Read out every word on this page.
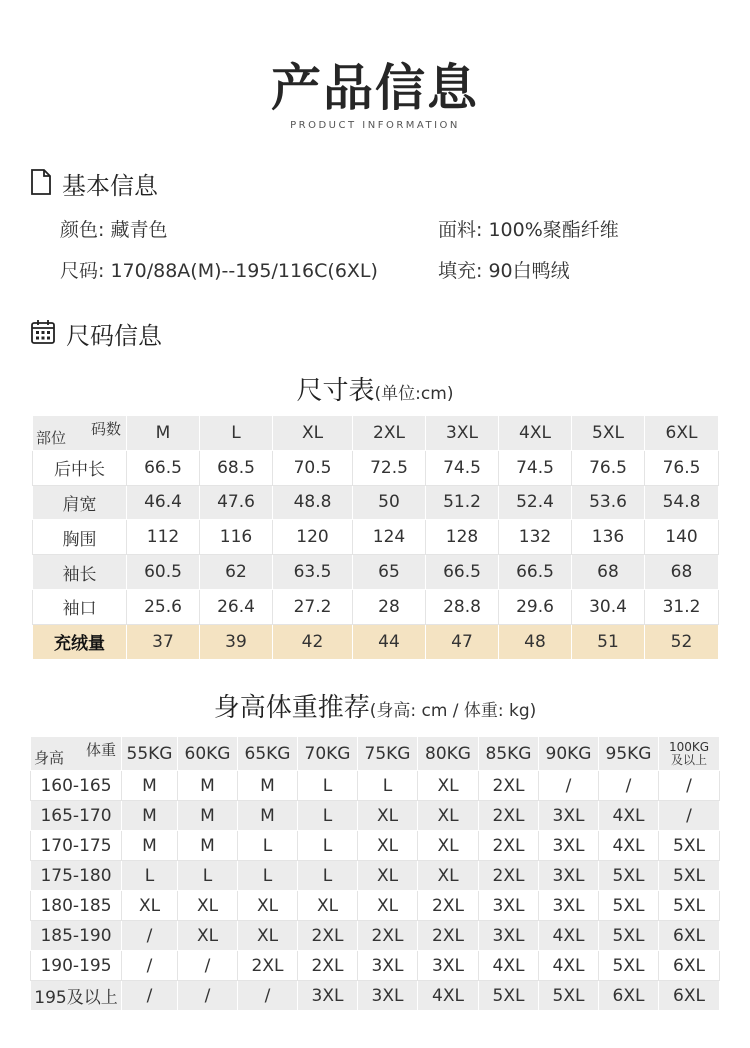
产品信息
PRODUCT INFORMATION
基本信息
颜色: 藏青色
尺码: 170/88A(M)--195/116C(6XL)
面料: 100%聚酯纤维
填充: 90白鸭绒
尺码信息
尺寸表(单位:cm)
码数
部位	M	L	XL	2XL	3XL	4XL	5XL	6XL
后中长	66.5	68.5	70.5	72.5	74.5	74.5	76.5	76.5
肩宽	46.4	47.6	48.8	50	51.2	52.4	53.6	54.8
胸围	112	116	120	124	128	132	136	140
袖长	60.5	62	63.5	65	66.5	66.5	68	68
袖口	25.6	26.4	27.2	28	28.8	29.6	30.4	31.2
充绒量	37	39	42	44	47	48	51	52
身高体重推荐(身高: cm / 体重: kg)
体重
身高	55KG	60KG	65KG	70KG	75KG	80KG	85KG	90KG	95KG	100KG
及以上
160-165	M	M	M	L	L	XL	2XL	/	/	/
165-170	M	M	M	L	XL	XL	2XL	3XL	4XL	/
170-175	M	M	L	L	XL	XL	2XL	3XL	4XL	5XL
175-180	L	L	L	L	XL	XL	2XL	3XL	5XL	5XL
180-185	XL	XL	XL	XL	XL	2XL	3XL	3XL	5XL	5XL
185-190	/	XL	XL	2XL	2XL	2XL	3XL	4XL	5XL	6XL
190-195	/	/	2XL	2XL	3XL	3XL	4XL	4XL	5XL	6XL
195及以上	/	/	/	3XL	3XL	4XL	5XL	5XL	6XL	6XL
